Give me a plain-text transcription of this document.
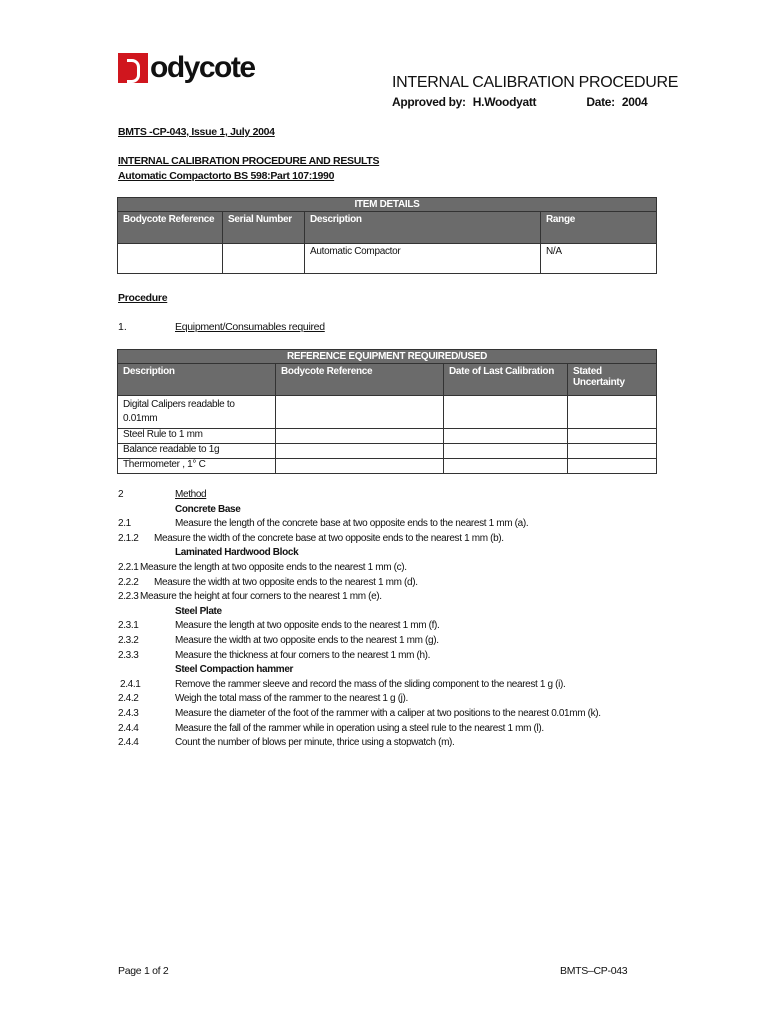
odycote	INTERNAL CALIBRATION PROCEDURE
Approved by: H.Woodyatt	Date: 2004
BMTS -CP-043, Issue 1, July 2004
INTERNAL CALIBRATION PROCEDURE AND RESULTS
Automatic Compactorto BS 598:Part 107:1990
ITEM DETAILS			
Bodycote Reference	Serial Number	Description	Range
		Automatic Compactor	N/A
Procedure
1.	Equipment/Consumables required
REFERENCE EQUIPMENT REQUIRED/USED			
Description	Bodycote Reference	Date of Last Calibration	Stated Uncertainty
Digital Calipers readable to 0.01mm			
Steel Rule to 1 mm			
Balance readable to 1g			
Thermometer , 1° C			
2	Method
Concrete Base
2.1	Measure the length of the concrete base at two opposite ends to the nearest 1 mm (a).
2.1.2 Measure the width of the concrete base at two opposite ends to the nearest 1 mm (b).
Laminated Hardwood Block
2.2.1 Measure the length at two opposite ends to the nearest 1 mm (c).
2.2.2 Measure the width at two opposite ends to the nearest 1 mm (d).
2.2.3 Measure the height at four corners to the nearest 1 mm (e).
Steel Plate
2.3.1	Measure the length at two opposite ends to the nearest 1 mm (f).
2.3.2	Measure the width at two opposite ends to the nearest 1 mm (g).
2.3.3	Measure the thickness at four corners to the nearest 1 mm (h).
Steel Compaction hammer
2.4.1	Remove the rammer sleeve and record the mass of the sliding component to the nearest 1 g (i).
2.4.2	Weigh the total mass of the rammer to the nearest 1 g (j).
2.4.3	Measure the diameter of the foot of the rammer with a caliper at two positions to the nearest 0.01mm (k).
2.4.4	Measure the fall of the rammer while in operation using a steel rule to the nearest 1 mm (l).
2.4.4	Count the number of blows per minute, thrice using a stopwatch (m).
Page 1 of 2	BMTS–CP-043
